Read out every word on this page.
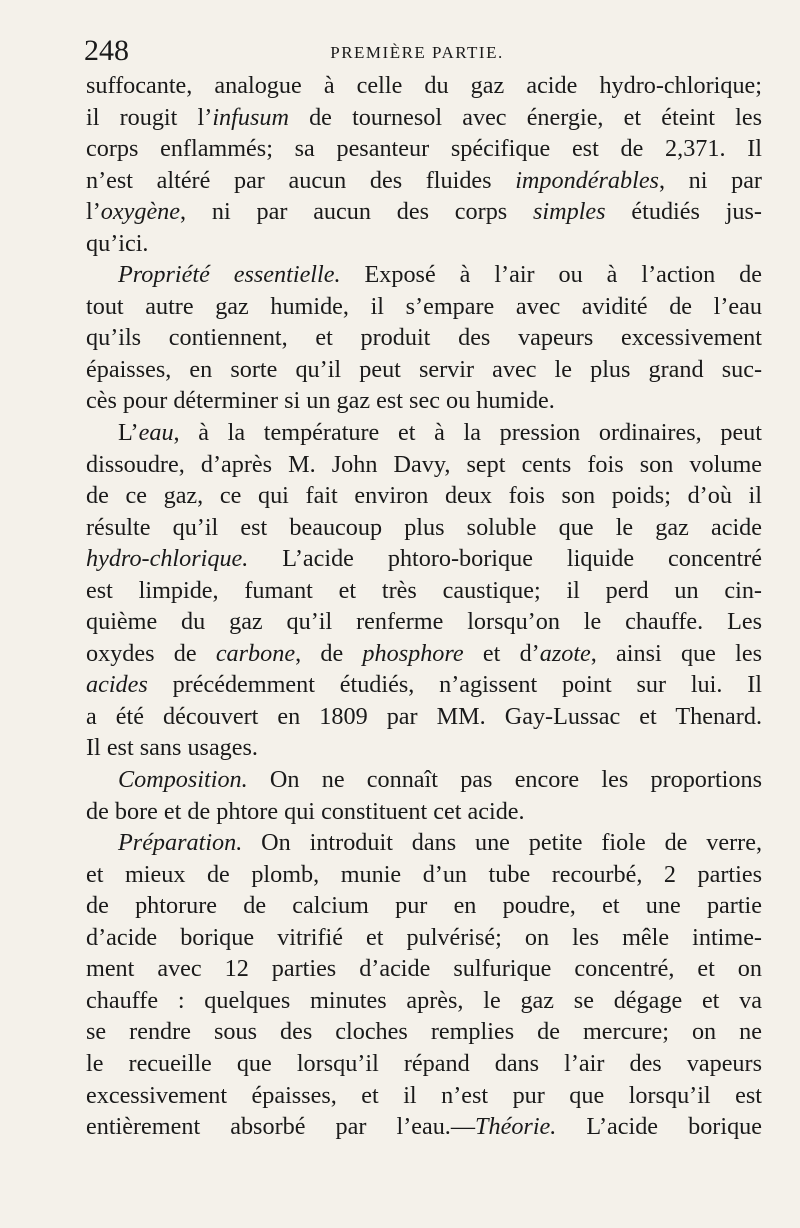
248	PREMIÈRE PARTIE.
suffocante, analogue à celle du gaz acide hydro-chlorique;
il rougit l’infusum de tournesol avec énergie, et éteint les
corps enflammés; sa pesanteur spécifique est de 2,371. Il
n’est altéré par aucun des fluides impondérables, ni par
l’oxygène, ni par aucun des corps simples étudiés jus-
qu’ici.
Propriété essentielle. Exposé à l’air ou à l’action de
tout autre gaz humide, il s’empare avec avidité de l’eau
qu’ils contiennent, et produit des vapeurs excessivement
épaisses, en sorte qu’il peut servir avec le plus grand suc-
cès pour déterminer si un gaz est sec ou humide.
L’eau, à la température et à la pression ordinaires, peut
dissoudre, d’après M. John Davy, sept cents fois son volume
de ce gaz, ce qui fait environ deux fois son poids; d’où il
résulte qu’il est beaucoup plus soluble que le gaz acide
hydro-chlorique. L’acide phtoro-borique liquide concentré
est limpide, fumant et très caustique; il perd un cin-
quième du gaz qu’il renferme lorsqu’on le chauffe. Les
oxydes de carbone, de phosphore et d’azote, ainsi que les
acides précédemment étudiés, n’agissent point sur lui. Il
a été découvert en 1809 par MM. Gay-Lussac et Thenard.
Il est sans usages.
Composition. On ne connaît pas encore les proportions
de bore et de phtore qui constituent cet acide.
Préparation. On introduit dans une petite fiole de verre,
et mieux de plomb, munie d’un tube recourbé, 2 parties
de phtorure de calcium pur en poudre, et une partie
d’acide borique vitrifié et pulvérisé; on les mêle intime-
ment avec 12 parties d’acide sulfurique concentré, et on
chauffe : quelques minutes après, le gaz se dégage et va
se rendre sous des cloches remplies de mercure; on ne
le recueille que lorsqu’il répand dans l’air des vapeurs
excessivement épaisses, et il n’est pur que lorsqu’il est
entièrement absorbé par l’eau.—Théorie. L’acide borique
